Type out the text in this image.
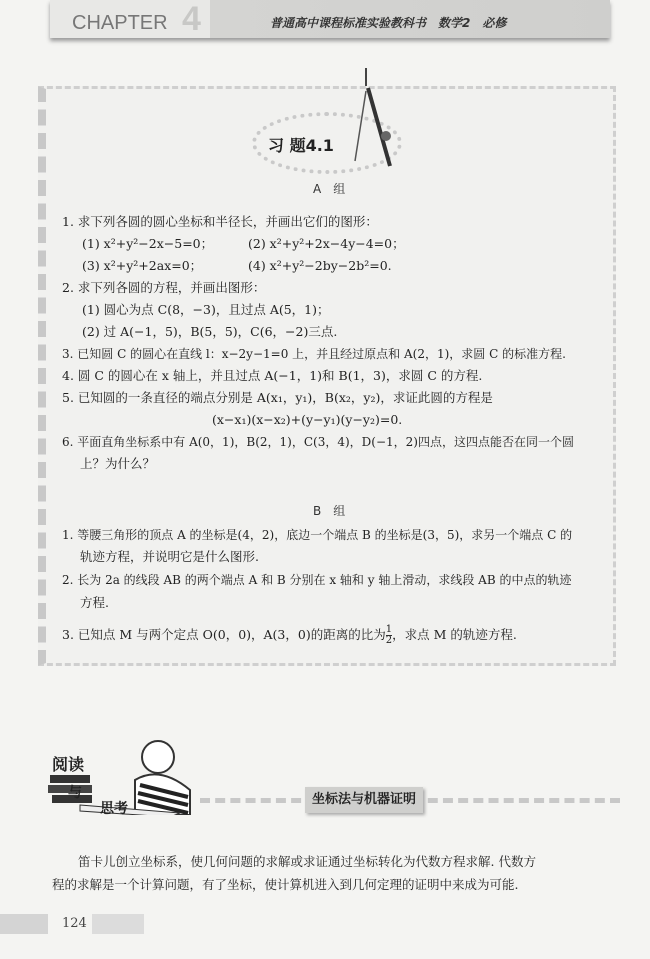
CHAPTER 4	普通高中课程标准实验教科书　数学2　必修
习 题4.1
A　组
1. 求下列各圆的圆心坐标和半径长，并画出它们的图形：
(1) x²+y²−2x−5=0；	(2) x²+y²+2x−4y−4=0；
(3) x²+y²+2ax=0；	(4) x²+y²−2by−2b²=0.
2. 求下列各圆的方程，并画出图形：
(1) 圆心为点 C(8，−3)，且过点 A(5，1)；
(2) 过 A(−1，5)，B(5，5)，C(6，−2)三点.
3. 已知圆 C 的圆心在直线 l：x−2y−1=0 上，并且经过原点和 A(2，1)，求圆 C 的标准方程.
4. 圆 C 的圆心在 x 轴上，并且过点 A(−1，1)和 B(1，3)，求圆 C 的方程.
5. 已知圆的一条直径的端点分别是 A(x₁，y₁)，B(x₂，y₂)，求证此圆的方程是
(x−x₁)(x−x₂)+(y−y₁)(y−y₂)=0.
6. 平面直角坐标系中有 A(0，1)，B(2，1)，C(3，4)，D(−1，2)四点，这四点能否在同一个圆
上？为什么？
B　组
1. 等腰三角形的顶点 A 的坐标是(4，2)，底边一个端点 B 的坐标是(3，5)，求另一个端点 C 的
轨迹方程，并说明它是什么图形.
2. 长为 2a 的线段 AB 的两个端点 A 和 B 分别在 x 轴和 y 轴上滑动，求线段 AB 的中点的轨迹
方程.
3. 已知点 M 与两个定点 O(0，0)，A(3，0)的距离的比为 $\frac{1}{2}$ ，求点 M 的轨迹方程.
阅读
与
思考
坐标法与机器证明
笛卡儿创立坐标系，使几何问题的求解或求证通过坐标转化为代数方程求解. 代数方
程的求解是一个计算问题，有了坐标，使计算机进入到几何定理的证明中来成为可能.
124
